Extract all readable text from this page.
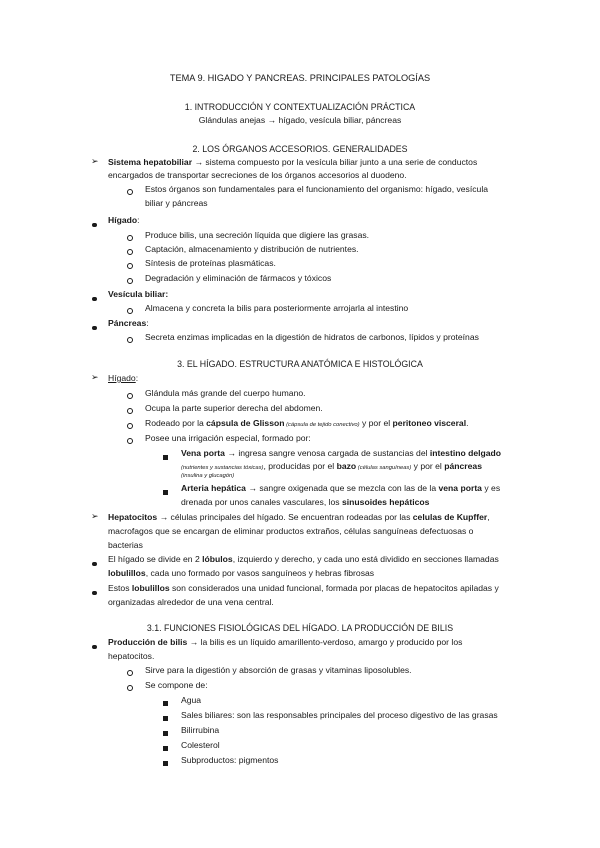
TEMA 9. HIGADO Y PANCREAS. PRINCIPALES PATOLOGÍAS
1. INTRODUCCIÓN Y CONTEXTUALIZACIÓN PRÁCTICA
Glándulas anejas → hígado, vesícula biliar, páncreas
2. LOS ÓRGANOS ACCESORIOS. GENERALIDADES
➢ Sistema hepatobiliar → sistema compuesto por la vesícula biliar junto a una serie de conductos
encargados de transportar secreciones de los órganos accesorios al duodeno.
Estos órganos son fundamentales para el funcionamiento del organismo: hígado, vesícula
biliar y páncreas
Hígado:
Produce bilis, una secreción líquida que digiere las grasas.
Captación, almacenamiento y distribución de nutrientes.
Síntesis de proteínas plasmáticas.
Degradación y eliminación de fármacos y tóxicos
Vesícula biliar:
Almacena y concreta la bilis para posteriormente arrojarla al intestino
Páncreas:
Secreta enzimas implicadas en la digestión de hidratos de carbonos, lípidos y proteínas
3. EL HÍGADO. ESTRUCTURA ANATÓMICA E HISTOLÓGICA
➢ Hígado:
Glándula más grande del cuerpo humano.
Ocupa la parte superior derecha del abdomen.
Rodeado por la cápsula de Glisson (cápsula de tejido conectivo) y por el peritoneo visceral.
Posee una irrigación especial, formado por:
Vena porta → ingresa sangre venosa cargada de sustancias del intestino delgado
(nutrientes y sustancias tóxicas), producidas por el bazo (células sanguíneas) y por el páncreas
(insulina y glucagón)
Arteria hepática → sangre oxigenada que se mezcla con las de la vena porta y es
drenada por unos canales vasculares, los sinusoides hepáticos
➢ Hepatocitos → células principales del hígado. Se encuentran rodeadas por las celulas de Kupffer,
macrofagos que se encargan de eliminar productos extraños, células sanguíneas defectuosas o
bacterias
El hígado se divide en 2 lóbulos, izquierdo y derecho, y cada uno está dividido en secciones llamadas
lobulillos, cada uno formado por vasos sanguíneos y hebras fibrosas
Estos lobulillos son considerados una unidad funcional, formada por placas de hepatocitos apiladas y
organizadas alrededor de una vena central.
3.1. FUNCIONES FISIOLÓGICAS DEL HÍGADO. LA PRODUCCIÓN DE BILIS
Producción de bilis → la bilis es un líquido amarillento-verdoso, amargo y producido por los
hepatocitos.
Sirve para la digestión y absorción de grasas y vitaminas liposolubles.
Se compone de:
Agua
Sales biliares: son las responsables principales del proceso digestivo de las grasas
Bilirrubina
Colesterol
Subproductos: pigmentos
